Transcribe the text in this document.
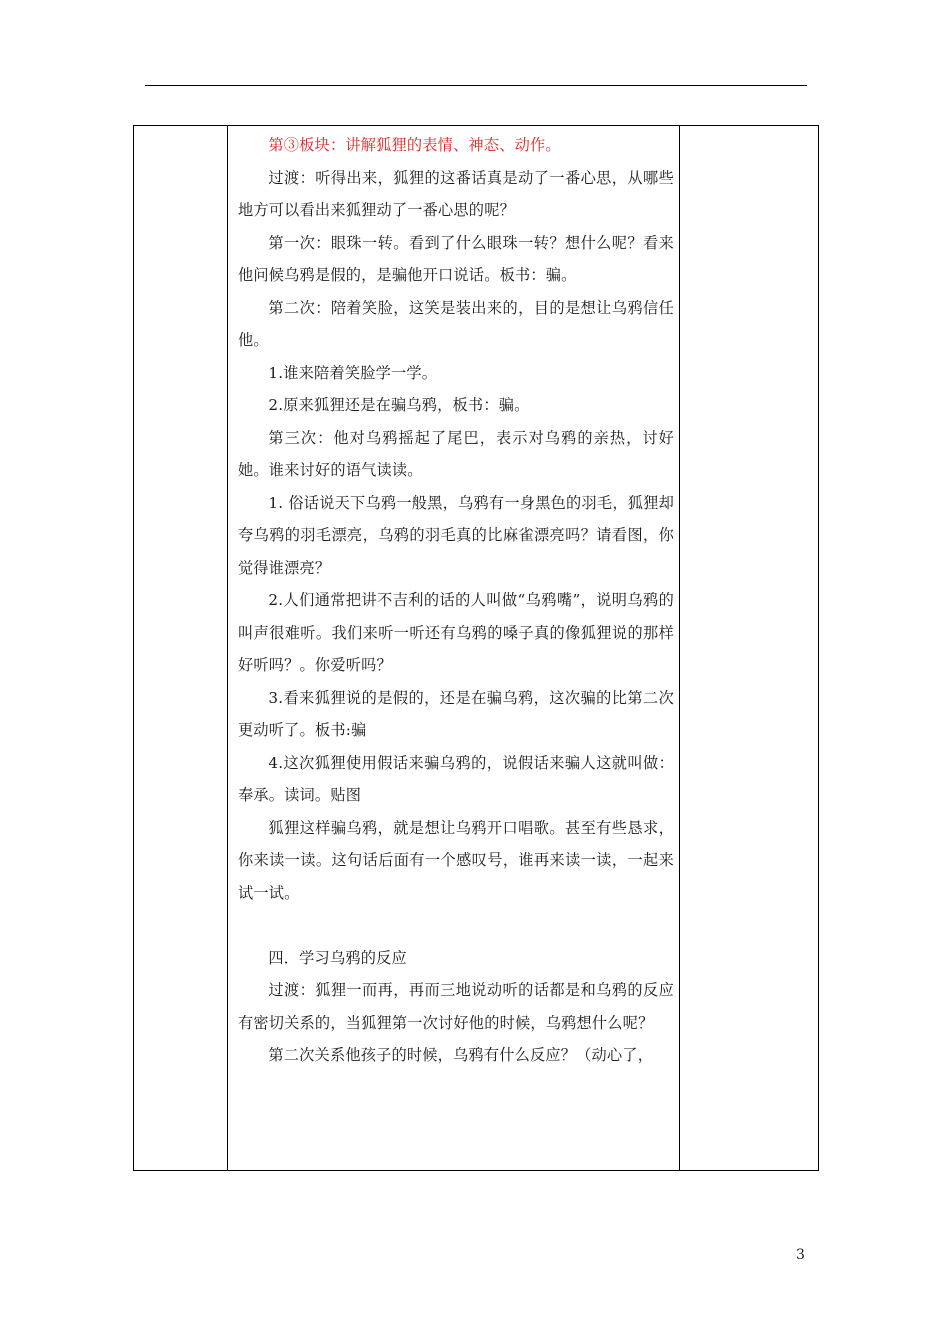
第③板块：讲解狐狸的表情、神态、动作。

过渡：听得出来，狐狸的这番话真是动了一番心思，从哪些地方可以看出来狐狸动了一番心思的呢？

第一次：眼珠一转。看到了什么眼珠一转？想什么呢？看来他问候乌鸦是假的，是骗他开口说话。板书：骗。

第二次：陪着笑脸，这笑是装出来的，目的是想让乌鸦信任他。

1.谁来陪着笑脸学一学。

2.原来狐狸还是在骗乌鸦，板书：骗。

第三次：他对乌鸦摇起了尾巴，表示对乌鸦的亲热，讨好她。谁来讨好的语气读读。

1. 俗话说天下乌鸦一般黑，乌鸦有一身黑色的羽毛，狐狸却夸乌鸦的羽毛漂亮，乌鸦的羽毛真的比麻雀漂亮吗？请看图，你觉得谁漂亮？

2.人们通常把讲不吉利的话的人叫做“乌鸦嘴”，说明乌鸦的叫声很难听。我们来听一听还有乌鸦的嗓子真的像狐狸说的那样好听吗？。你爱听吗？

3.看来狐狸说的是假的，还是在骗乌鸦，这次骗的比第二次更动听了。板书:骗

4.这次狐狸使用假话来骗乌鸦的，说假话来骗人这就叫做：奉承。读词。贴图

狐狸这样骗乌鸦，就是想让乌鸦开口唱歌。甚至有些恳求，你来读一读。这句话后面有一个感叹号，谁再来读一读，一起来试一试。

四．学习乌鸦的反应

过渡：狐狸一而再，再而三地说动听的话都是和乌鸦的反应有密切关系的，当狐狸第一次讨好他的时候，乌鸦想什么呢？

第二次关系他孩子的时候，乌鸦有什么反应？（动心了，

3
